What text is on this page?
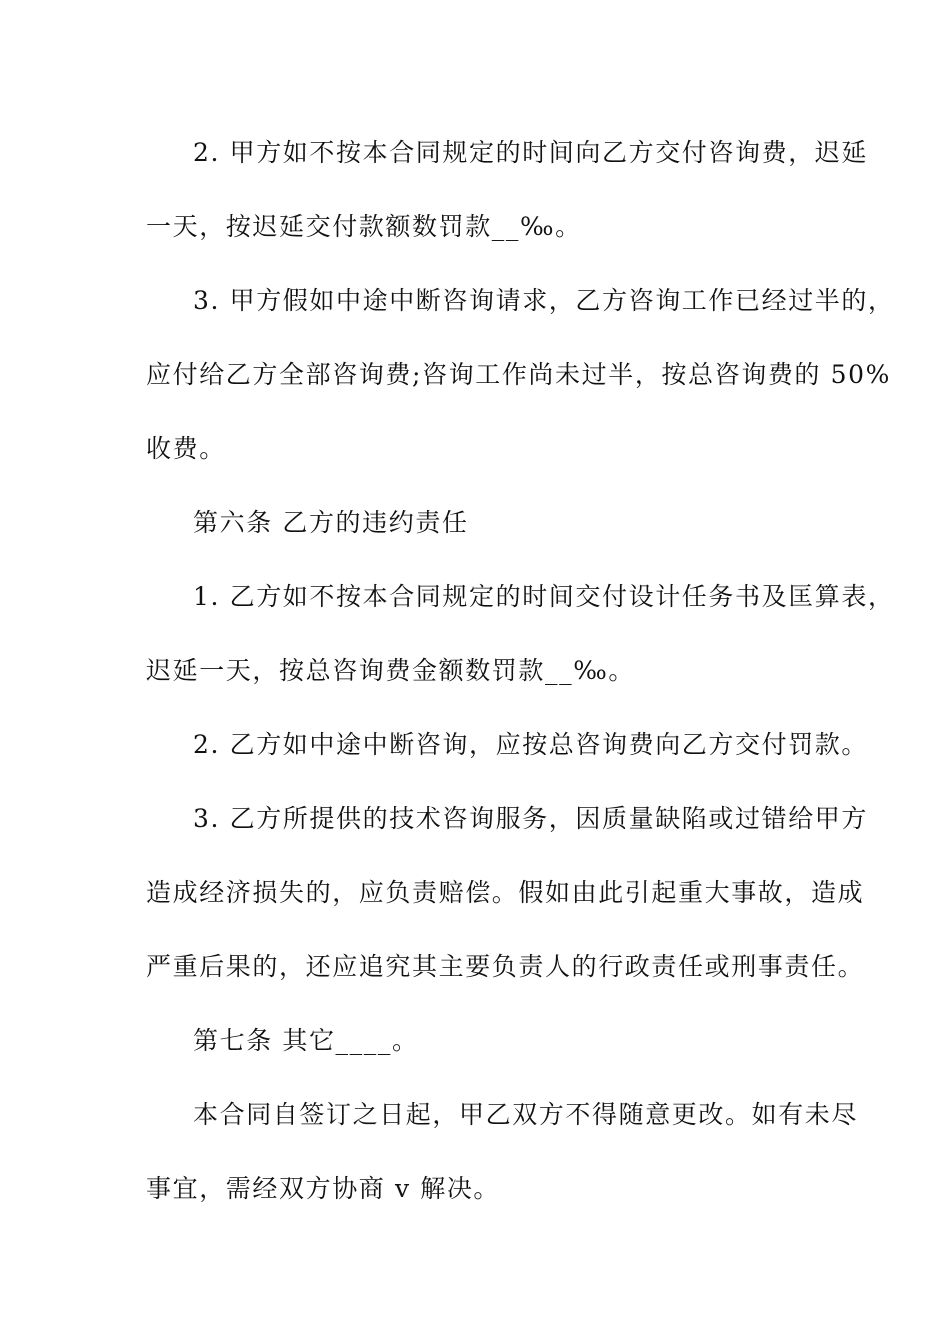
2. 甲方如不按本合同规定的时间向乙方交付咨询费，迟延
一天，按迟延交付款额数罚款__‰。
3. 甲方假如中途中断咨询请求，乙方咨询工作已经过半的，
应付给乙方全部咨询费;咨询工作尚未过半，按总咨询费的 50%
收费。
第六条 乙方的违约责任
1. 乙方如不按本合同规定的时间交付设计任务书及匡算表，
迟延一天，按总咨询费金额数罚款__‰。
2. 乙方如中途中断咨询，应按总咨询费向乙方交付罚款。
3. 乙方所提供的技术咨询服务，因质量缺陷或过错给甲方
造成经济损失的，应负责赔偿。假如由此引起重大事故，造成
严重后果的，还应追究其主要负责人的行政责任或刑事责任。
第七条 其它____。
本合同自签订之日起，甲乙双方不得随意更改。如有未尽
事宜，需经双方协商 v 解决。
